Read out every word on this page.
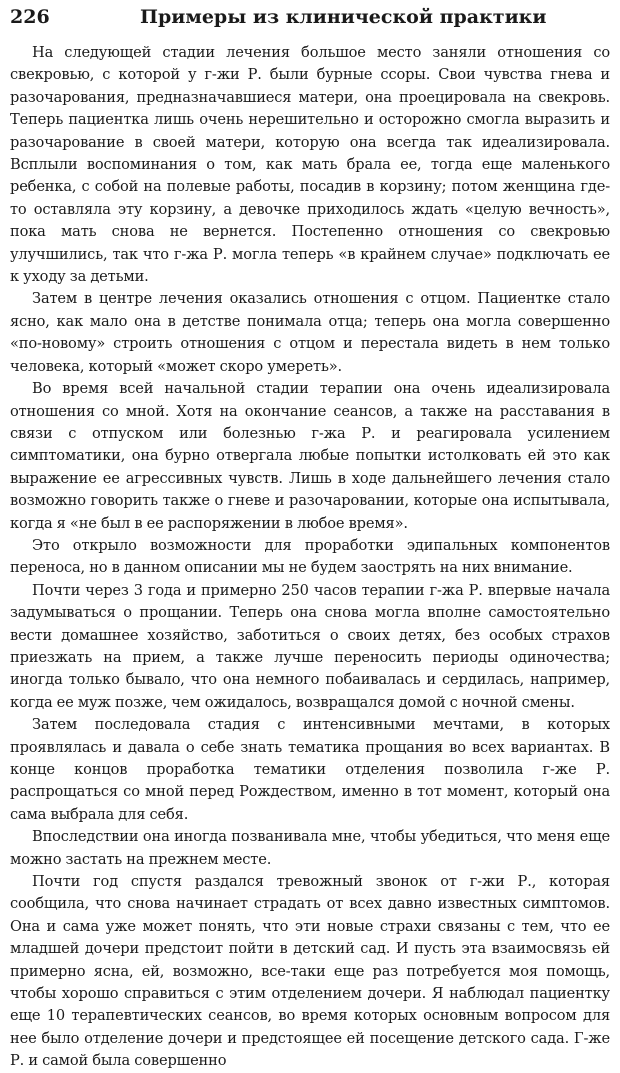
226	Примеры из клинической практики

На следующей стадии лечения большое место заняли отношения со свекровью, с которой у г-жи Р. были бурные ссоры. Свои чувства гнева и разочарования, предназначавшиеся матери, она проецировала на свекровь. Теперь пациентка лишь очень нерешительно и осторожно смогла выразить и разочарование в своей матери, которую она всегда так идеализировала. Всплыли воспоминания о том, как мать брала ее, тогда еще маленького ребенка, с собой на полевые работы, посадив в корзину; потом женщина где-то оставляла эту корзину, а девочке приходилось ждать «целую вечность», пока мать снова не вернется. Постепенно отношения со свекровью улучшились, так что г-жа Р. могла теперь «в крайнем случае» подключать ее к уходу за детьми.

Затем в центре лечения оказались отношения с отцом. Пациентке стало ясно, как мало она в детстве понимала отца; теперь она могла совершенно «по-новому» строить отношения с отцом и перестала видеть в нем только человека, который «может скоро умереть».

Во время всей начальной стадии терапии она очень идеализировала отношения со мной. Хотя на окончание сеансов, а также на расставания в связи с отпуском или болезнью г-жа Р. и реагировала усилением симптоматики, она бурно отвергала любые попытки истолковать ей это как выражение ее агрессивных чувств. Лишь в ходе дальнейшего лечения стало возможно говорить также о гневе и разочаровании, которые она испытывала, когда я «не был в ее распоряжении в любое время».

Это открыло возможности для проработки эдипальных компонентов переноса, но в данном описании мы не будем заострять на них внимание.

Почти через 3 года и примерно 250 часов терапии г-жа Р. впервые начала задумываться о прощании. Теперь она снова могла вполне самостоятельно вести домашнее хозяйство, заботиться о своих детях, без особых страхов приезжать на прием, а также лучше переносить периоды одиночества; иногда только бывало, что она немного побаивалась и сердилась, например, когда ее муж позже, чем ожидалось, возвращался домой с ночной смены.

Затем последовала стадия с интенсивными мечтами, в которых проявлялась и давала о себе знать тематика прощания во всех вариантах. В конце концов проработка тематики отделения позволила г-же Р. распрощаться со мной перед Рождеством, именно в тот момент, который она сама выбрала для себя.

Впоследствии она иногда позванивала мне, чтобы убедиться, что меня еще можно застать на прежнем месте.

Почти год спустя раздался тревожный звонок от г-жи Р., которая сообщила, что снова начинает страдать от всех давно известных симптомов. Она и сама уже может понять, что эти новые страхи связаны с тем, что ее младшей дочери предстоит пойти в детский сад. И пусть эта взаимосвязь ей примерно ясна, ей, возможно, все-таки еще раз потребуется моя помощь, чтобы хорошо справиться с этим отделением дочери. Я наблюдал пациентку еще 10 терапевтических сеансов, во время которых основным вопросом для нее было отделение дочери и предстоящее ей посещение детского сада. Г-же Р. и самой была совершенно
